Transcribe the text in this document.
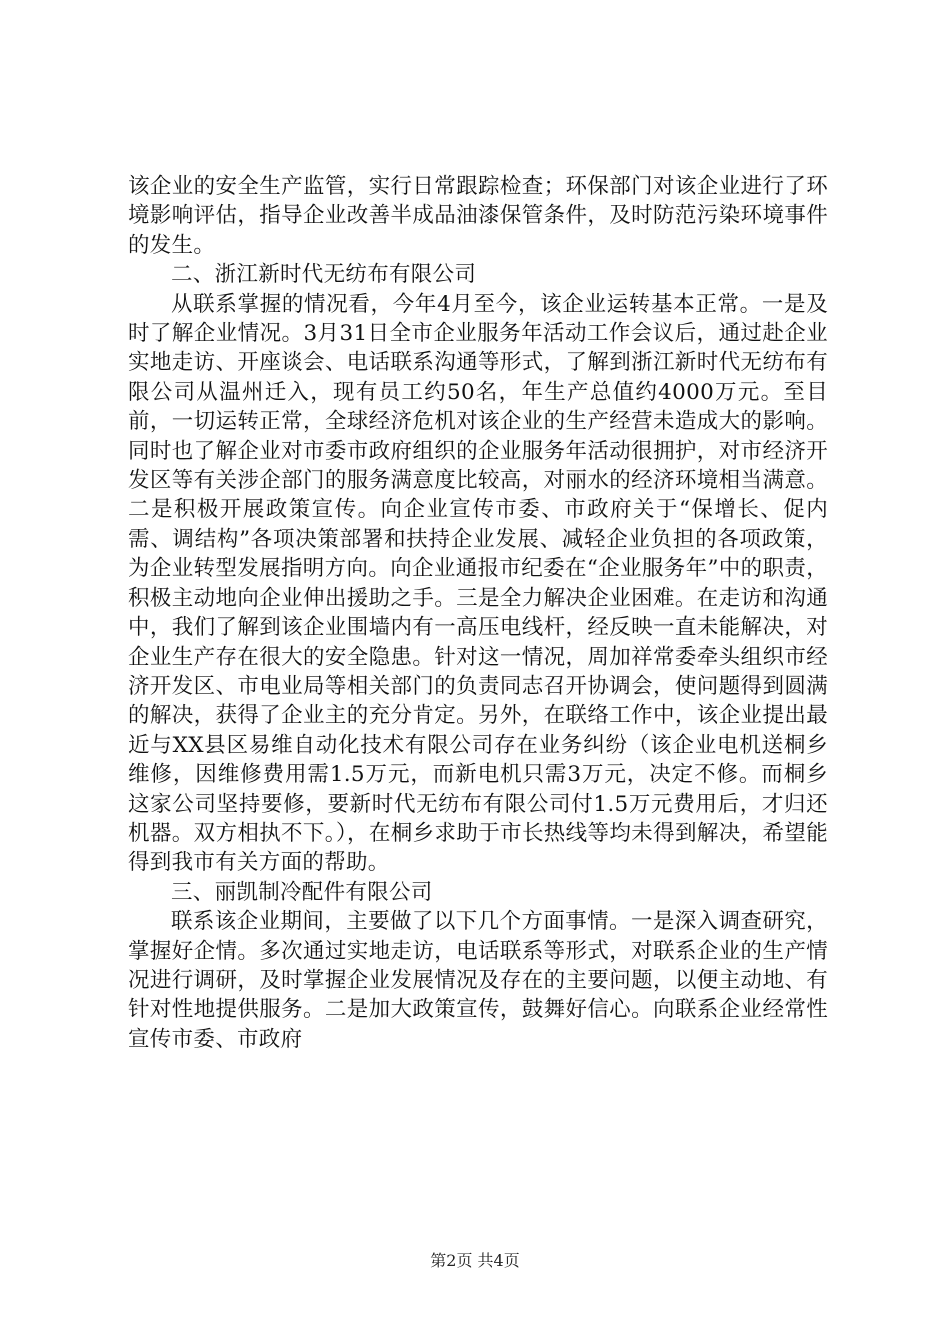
该企业的安全生产监管，实行日常跟踪检查；环保部门对该企业进行了环境影响评估，指导企业改善半成品油漆保管条件，及时防范污染环境事件的发生。

二、浙江新时代无纺布有限公司

从联系掌握的情况看，今年4月至今，该企业运转基本正常。一是及时了解企业情况。3月31日全市企业服务年活动工作会议后，通过赴企业实地走访、开座谈会、电话联系沟通等形式，了解到浙江新时代无纺布有限公司从温州迁入，现有员工约50名，年生产总值约4000万元。至目前，一切运转正常，全球经济危机对该企业的生产经营未造成大的影响。同时也了解企业对市委市政府组织的企业服务年活动很拥护，对市经济开发区等有关涉企部门的服务满意度比较高，对丽水的经济环境相当满意。二是积极开展政策宣传。向企业宣传市委、市政府关于“保增长、促内需、调结构”各项决策部署和扶持企业发展、减轻企业负担的各项政策，为企业转型发展指明方向。向企业通报市纪委在“企业服务年”中的职责，积极主动地向企业伸出援助之手。三是全力解决企业困难。在走访和沟通中，我们了解到该企业围墙内有一高压电线杆，经反映一直未能解决，对企业生产存在很大的安全隐患。针对这一情况，周加祥常委牵头组织市经济开发区、市电业局等相关部门的负责同志召开协调会，使问题得到圆满的解决，获得了企业主的充分肯定。另外，在联络工作中，该企业提出最近与XX县区易维自动化技术有限公司存在业务纠纷（该企业电机送桐乡维修，因维修费用需1.5万元，而新电机只需3万元，决定不修。而桐乡这家公司坚持要修，要新时代无纺布有限公司付1.5万元费用后，才归还机器。双方相执不下。），在桐乡求助于市长热线等均未得到解决，希望能得到我市有关方面的帮助。

三、丽凯制冷配件有限公司

联系该企业期间，主要做了以下几个方面事情。一是深入调查研究，掌握好企情。多次通过实地走访，电话联系等形式，对联系企业的生产情况进行调研，及时掌握企业发展情况及存在的主要问题，以便主动地、有针对性地提供服务。二是加大政策宣传，鼓舞好信心。向联系企业经常性宣传市委、市政府

第2页 共4页
